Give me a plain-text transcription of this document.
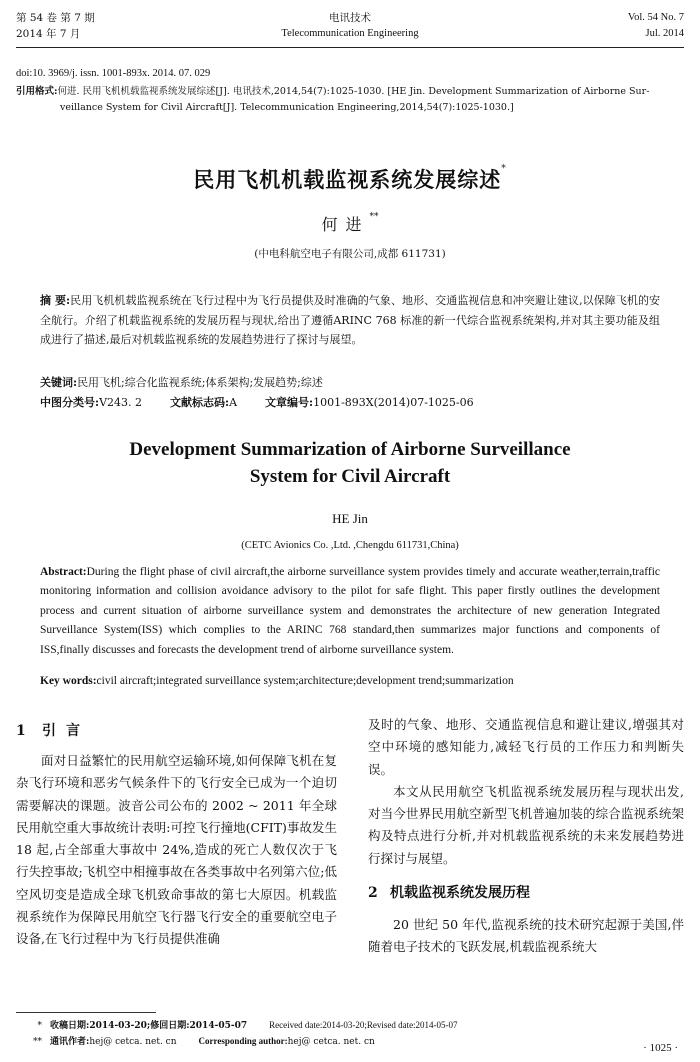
第 54 卷 第 7 期
2014 年 7 月
电讯技术
Telecommunication Engineering
Vol. 54 No. 7
Jul. 2014
doi:10. 3969/j. issn. 1001-893x. 2014. 07. 029
引用格式:何进. 民用飞机机载监视系统发展综述[J]. 电讯技术,2014,54(7):1025-1030. [HE Jin. Development Summarization of Airborne Sur-
veillance System for Civil Aircraft[J]. Telecommunication Engineering,2014,54(7):1025-1030.]
民用飞机机载监视系统发展综述*
何进**
(中电科航空电子有限公司,成都 611731)
摘 要:民用飞机机载监视系统在飞行过程中为飞行员提供及时准确的气象、地形、交通监视信息和冲突避让建议,以保障飞机的安全航行。介绍了机载监视系统的发展历程与现状,给出了遵循ARINC 768 标准的新一代综合监视系统架构,并对其主要功能及组成进行了描述,最后对机载监视系统的发展趋势进行了探讨与展望。
关键词:民用飞机;综合化监视系统;体系架构;发展趋势;综述
中图分类号:V243. 2	文献标志码:A	文章编号:1001-893X(2014)07-1025-06
Development Summarization of Airborne Surveillance
System for Civil Aircraft
HE Jin
(CETC Avionics Co. ,Ltd. ,Chengdu 611731,China)
Abstract:During the flight phase of civil aircraft,the airborne surveillance system provides timely and accurate weather,terrain,traffic monitoring information and collision avoidance advisory to the pilot for safe flight. This paper firstly outlines the development process and current situation of airborne surveillance system and demonstrates the architecture of new generation Integrated Surveillance System(ISS) which complies to the ARINC 768 standard,then summarizes major functions and components of ISS,finally discusses and forecasts the development trend of airborne surveillance system.
Key words:civil aircraft;integrated surveillance system;architecture;development trend;summarization
1 引言

面对日益繁忙的民用航空运输环境,如何保障飞机在复杂飞行环境和恶劣气候条件下的飞行安全已成为一个迫切需要解决的课题。波音公司公布的 2002 ~ 2011 年全球民用航空重大事故统计表明:可控飞行撞地(CFIT)事故发生 18 起,占全部重大事故中 24%,造成的死亡人数仅次于飞行失控事故;飞机空中相撞事故在各类事故中名列第六位;低空风切变是造成全球飞机致命事故的第七大原因。机载监视系统作为保障民用航空飞行器飞行安全的重要航空电子设备,在飞行过程中为飞行员提供准确

及时的气象、地形、交通监视信息和避让建议,增强其对空中环境的感知能力,减轻飞行员的工作压力和判断失误。

本文从民用航空飞机监视系统发展历程与现状出发,对当今世界民用航空新型飞机普遍加装的综合监视系统架构及特点进行分析,并对机载监视系统的未来发展趋势进行探讨与展望。

2 机载监视系统发展历程

20 世纪 50 年代,监视系统的技术研究起源于美国,伴随着电子技术的飞跃发展,机载监视系统大

* 收稿日期:2014-03-20;修回日期:2014-05-07 Received date:2014-03-20;Revised date:2014-05-07
** 通讯作者:hej@ cetca. net. cn Corresponding author:hej@ cetca. net. cn	· 1025 ·
